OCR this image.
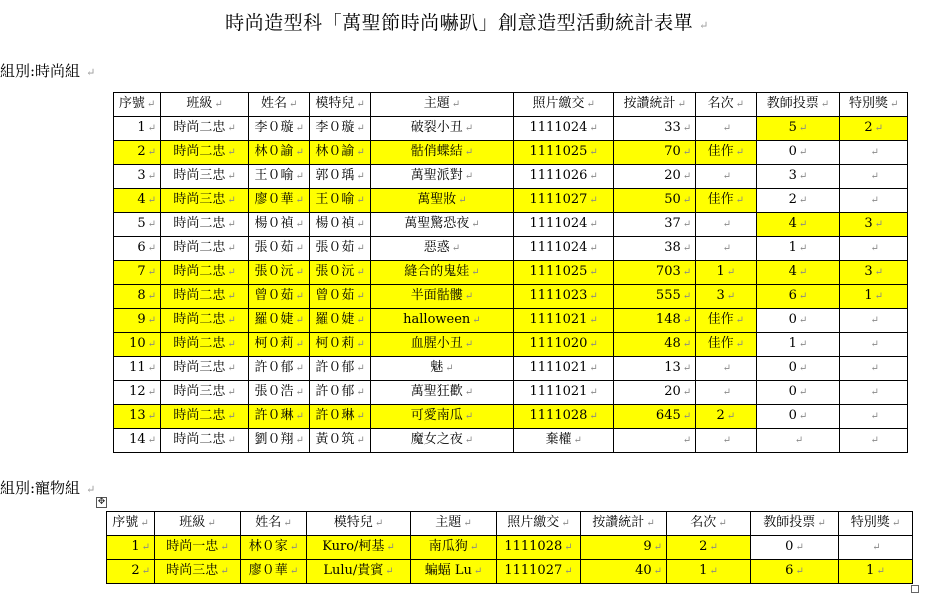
時尚造型科「萬聖節時尚嚇趴」創意造型活動統計表單 ↵
組別:時尚組 ↵
序號 ↵	班級 ↵	姓名 ↵	模特兒 ↵	主題 ↵	照片繳交 ↵	按讚統計 ↵	名次 ↵	教師投票 ↵	特別獎 ↵
1 ↵	時尚二忠 ↵	李０璇 ↵	李０璇 ↵	破裂小丑 ↵	1111024 ↵	33 ↵	↵	5 ↵	2 ↵
2 ↵	時尚二忠 ↵	林０諭 ↵	林０諭 ↵	骷俏蝶結 ↵	1111025 ↵	70 ↵	佳作 ↵	0 ↵	↵
3 ↵	時尚三忠 ↵	王０喻 ↵	郭０瑀 ↵	萬聖派對 ↵	1111026 ↵	20 ↵	↵	3 ↵	↵
4 ↵	時尚三忠 ↵	廖０華 ↵	王０喻 ↵	萬聖妝 ↵	1111027 ↵	50 ↵	佳作 ↵	2 ↵	↵
5 ↵	時尚二忠 ↵	楊０禎 ↵	楊０禎 ↵	萬聖驚恐夜 ↵	1111024 ↵	37 ↵	↵	4 ↵	3 ↵
6 ↵	時尚二忠 ↵	張０茹 ↵	張０茹 ↵	惡惑 ↵	1111024 ↵	38 ↵	↵	1 ↵	↵
7 ↵	時尚二忠 ↵	張０沅 ↵	張０沅 ↵	縫合的鬼娃 ↵	1111025 ↵	703 ↵	1 ↵	4 ↵	3 ↵
8 ↵	時尚二忠 ↵	曾０茹 ↵	曾０茹 ↵	半面骷髏 ↵	1111023 ↵	555 ↵	3 ↵	6 ↵	1 ↵
9 ↵	時尚二忠 ↵	羅０婕 ↵	羅０婕 ↵	halloween ↵	1111021 ↵	148 ↵	佳作 ↵	0 ↵	↵
10 ↵	時尚二忠 ↵	柯０莉 ↵	柯０莉 ↵	血腥小丑 ↵	1111020 ↵	48 ↵	佳作 ↵	1 ↵	↵
11 ↵	時尚三忠 ↵	許０郁 ↵	許０郁 ↵	魅 ↵	1111021 ↵	13 ↵	↵	0 ↵	↵
12 ↵	時尚三忠 ↵	張０浩 ↵	許０郁 ↵	萬聖狂歡 ↵	1111021 ↵	20 ↵	↵	0 ↵	↵
13 ↵	時尚二忠 ↵	許０琳 ↵	許０琳 ↵	可愛南瓜 ↵	1111028 ↵	645 ↵	2 ↵	0 ↵	↵
14 ↵	時尚二忠 ↵	劉０翔 ↵	黃０筑 ↵	魔女之夜 ↵	棄權 ↵	↵	↵	↵	↵
組別:寵物組 ↵
✥
序號 ↵	班級 ↵	姓名 ↵	模特兒 ↵	主題 ↵	照片繳交 ↵	按讚統計 ↵	名次 ↵	教師投票 ↵	特別獎 ↵
1 ↵	時尚一忠 ↵	林０家 ↵	Kuro/柯基 ↵	南瓜狗 ↵	1111028 ↵	9 ↵	2 ↵	0 ↵	↵
2 ↵	時尚三忠 ↵	廖０華 ↵	Lulu/貴賓 ↵	蝙蝠 Lu ↵	1111027 ↵	40 ↵	1 ↵	6 ↵	1 ↵
